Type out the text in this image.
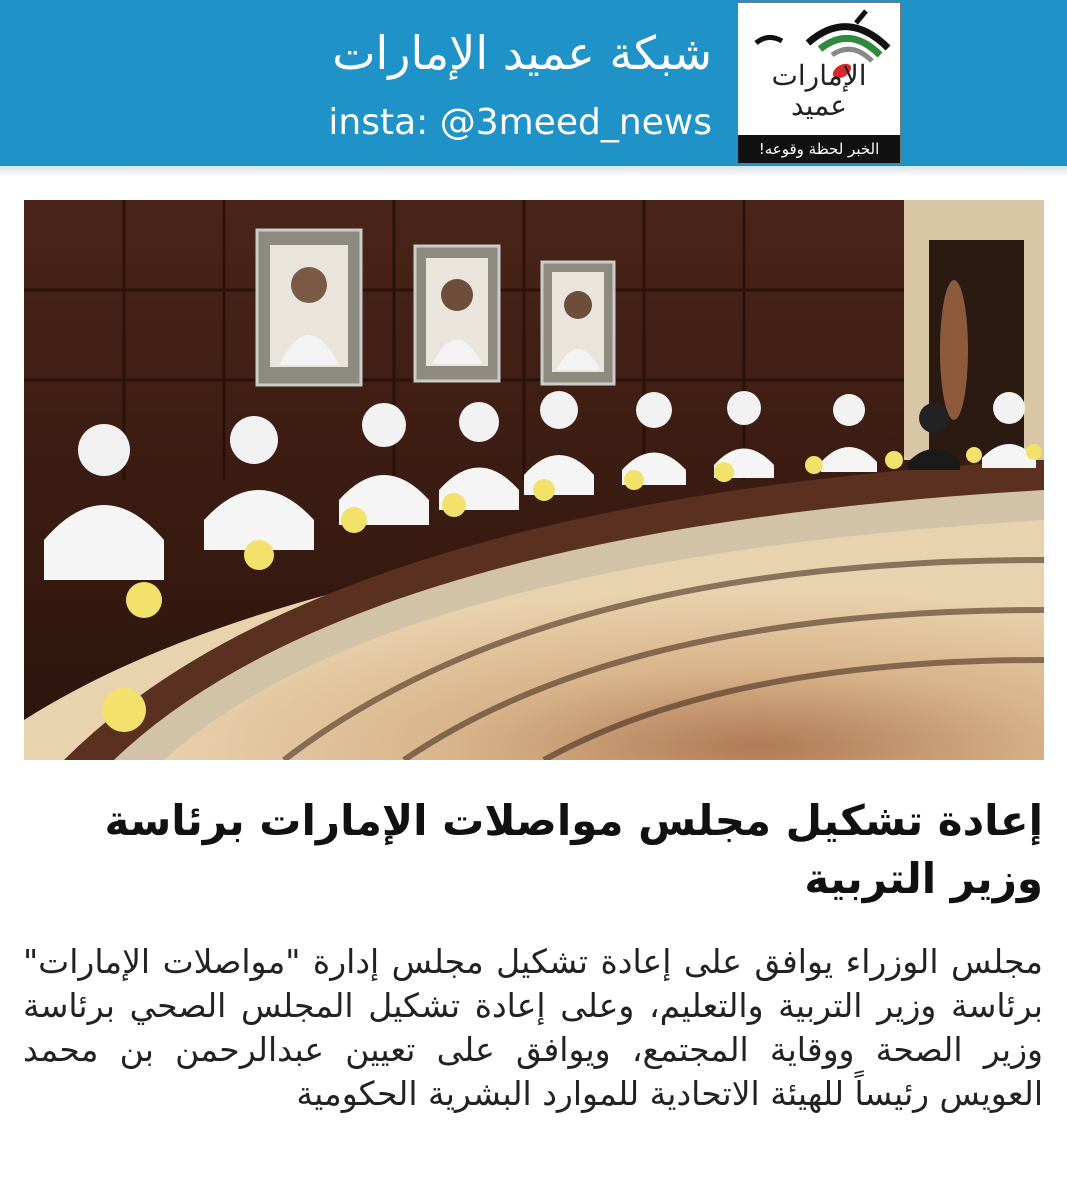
شبكة عميد الإمارات
insta: @3meed_news
الإمارات
عميد
الخبر لحظة وقوعه!
إعادة تشكيل مجلس مواصلات الإمارات برئاسة وزير التربية
مجلس الوزراء يوافق على إعادة تشكيل مجلس إدارة "مواصلات الإمارات" برئاسة وزير التربية والتعليم، وعلى إعادة تشكيل المجلس الصحي برئاسة وزير الصحة ووقاية المجتمع، ويوافق على تعيين عبدالرحمن بن محمد العويس رئيساً للهيئة الاتحادية للموارد البشرية الحكومية
